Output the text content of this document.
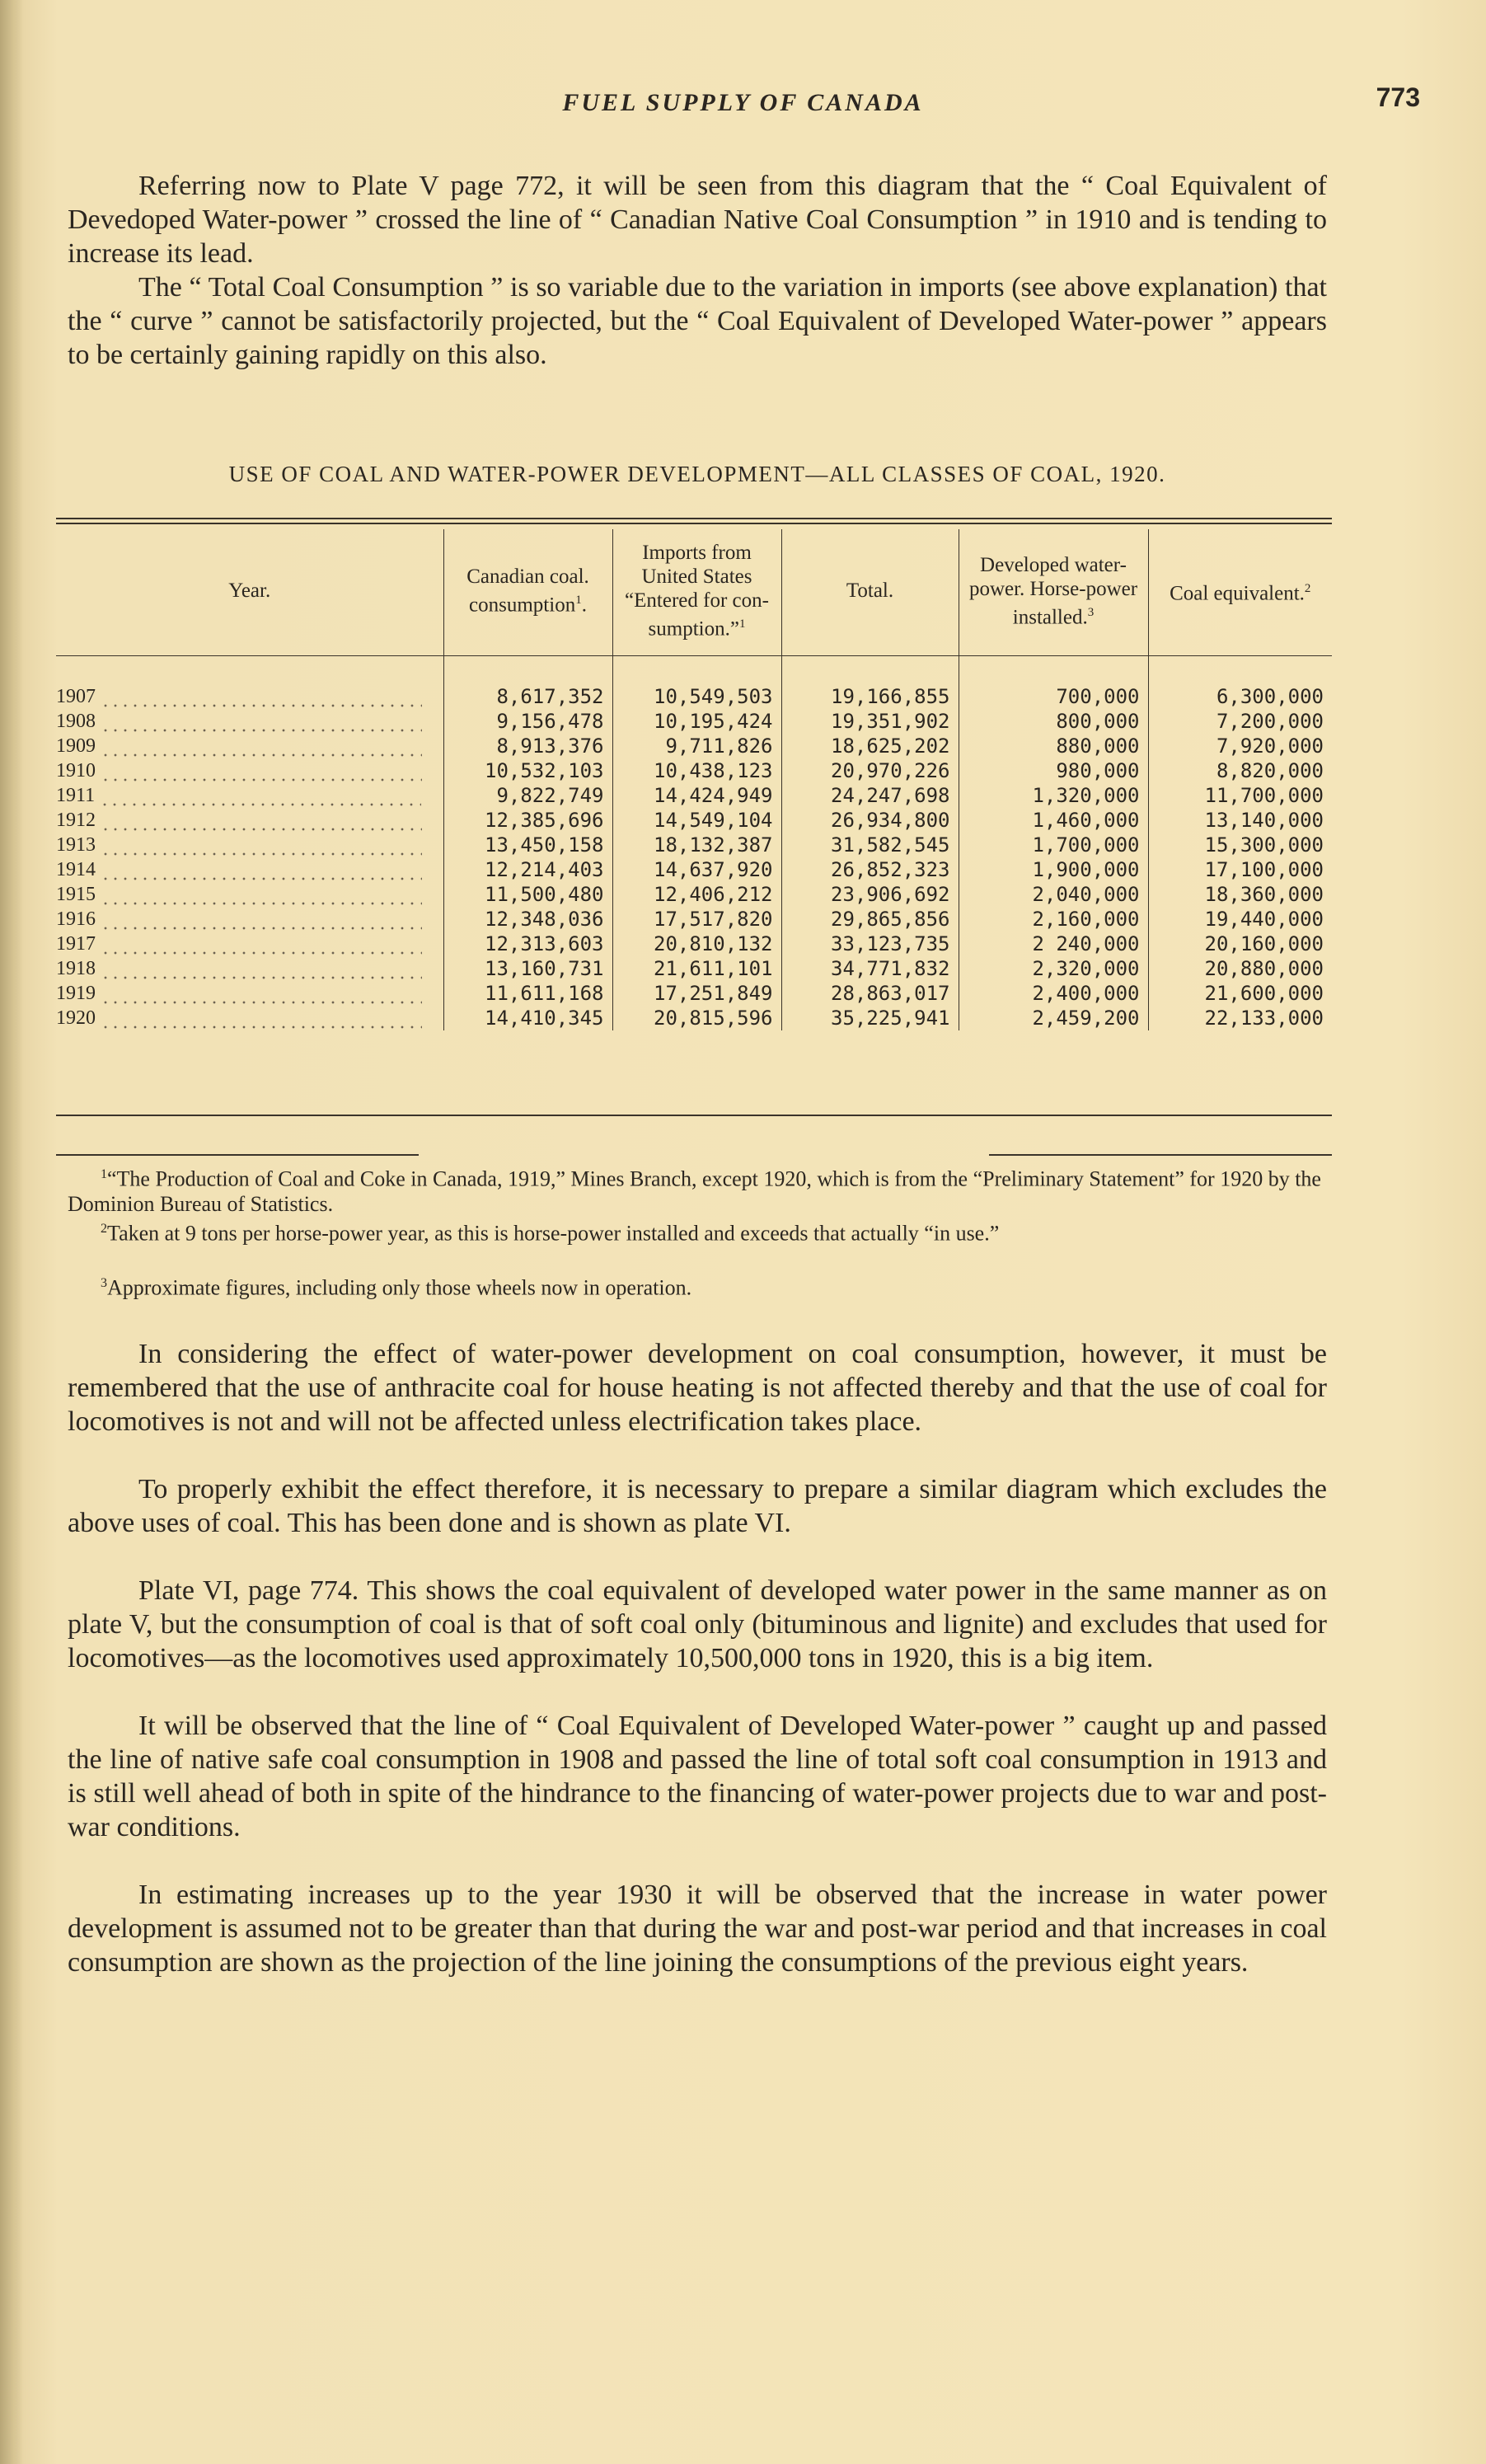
FUEL SUPPLY OF CANADA	773

Referring now to Plate V page 772, it will be seen from this diagram that the “ Coal Equivalent of Devedoped Water-power ” crossed the line of “ Canadian Native Coal Consumption ” in 1910 and is tending to increase its lead.

The “ Total Coal Consumption ” is so variable due to the variation in imports (see above explanation) that the “ curve ” cannot be satisfactorily projected, but the “ Coal Equivalent of Developed Water-power ” appears to be certainly gaining rapidly on this also.

USE OF COAL AND WATER-POWER DEVELOPMENT—ALL CLASSES OF COAL, 1920.
Year.	Canadian coal. consumption$^1$.	Imports from United States “Entered for con- sumption.”$^1$	Total.	Developed water-power. Horse-power installed.$^3$	Coal equivalent.$^2$

1907	8,617,352	10,549,503	19,166,855	700,000	6,300,000
1908	9,156,478	10,195,424	19,351,902	800,000	7,200,000
1909	8,913,376	9,711,826	18,625,202	880,000	7,920,000
1910	10,532,103	10,438,123	20,970,226	980,000	8,820,000
1911	9,822,749	14,424,949	24,247,698	1,320,000	11,700,000
1912	12,385,696	14,549,104	26,934,800	1,460,000	13,140,000
1913	13,450,158	18,132,387	31,582,545	1,700,000	15,300,000
1914	12,214,403	14,637,920	26,852,323	1,900,000	17,100,000
1915	11,500,480	12,406,212	23,906,692	2,040,000	18,360,000
1916	12,348,036	17,517,820	29,865,856	2,160,000	19,440,000
1917	12,313,603	20,810,132	33,123,735	2 240,000	20,160,000
1918	13,160,731	21,611,101	34,771,832	2,320,000	20,880,000
1919	11,611,168	17,251,849	28,863,017	2,400,000	21,600,000
1920	14,410,345	20,815,596	35,225,941	2,459,200	22,133,000

$^1$“The Production of Coal and Coke in Canada, 1919,” Mines Branch, except 1920, which is from the “Preliminary Statement” for 1920 by the Dominion Bureau of Statistics.

$^2$Taken at 9 tons per horse-power year, as this is horse-power installed and exceeds that actually “in use.”

$^3$Approximate figures, including only those wheels now in operation.

In considering the effect of water-power development on coal consumption, however, it must be remembered that the use of anthracite coal for house heating is not affected thereby and that the use of coal for locomotives is not and will not be affected unless electrification takes place.

To properly exhibit the effect therefore, it is necessary to prepare a similar diagram which excludes the above uses of coal. This has been done and is shown as plate VI.

Plate VI, page 774. This shows the coal equivalent of developed water power in the same manner as on plate V, but the consumption of coal is that of soft coal only (bituminous and lignite) and excludes that used for locomotives—as the locomotives used approximately 10,500,000 tons in 1920, this is a big item.

It will be observed that the line of “ Coal Equivalent of Developed Water-power ” caught up and passed the line of native safe coal consumption in 1908 and passed the line of total soft coal consumption in 1913 and is still well ahead of both in spite of the hindrance to the financing of water-power projects due to war and post-war conditions.

In estimating increases up to the year 1930 it will be observed that the increase in water power development is assumed not to be greater than that during the war and post-war period and that increases in coal consumption are shown as the projection of the line joining the consumptions of the previous eight years.
